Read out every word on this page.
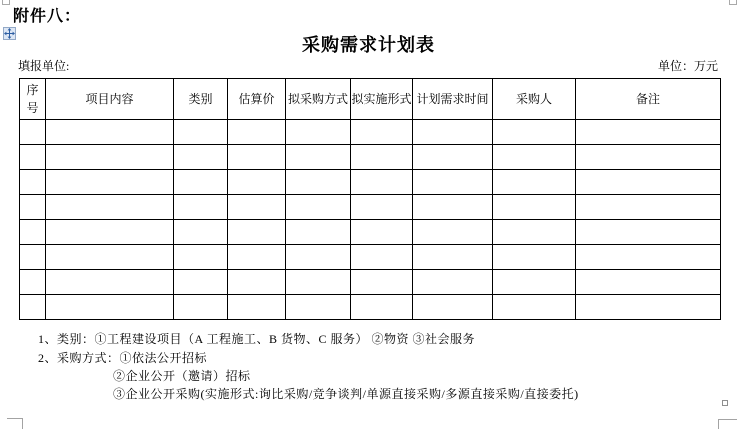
附件八：
采购需求计划表
填报单位:	单位：万元
序号	项目内容	类别	估算价	拟采购方式	拟实施形式	计划需求时间	采购人	备注

1、类别：①工程建设项目（A 工程施工、B 货物、C 服务） ②物资 ③社会服务
2、采购方式：①依法公开招标
②企业公开（邀请）招标
③企业公开采购(实施形式:询比采购/竞争谈判/单源直接采购/多源直接采购/直接委托)
